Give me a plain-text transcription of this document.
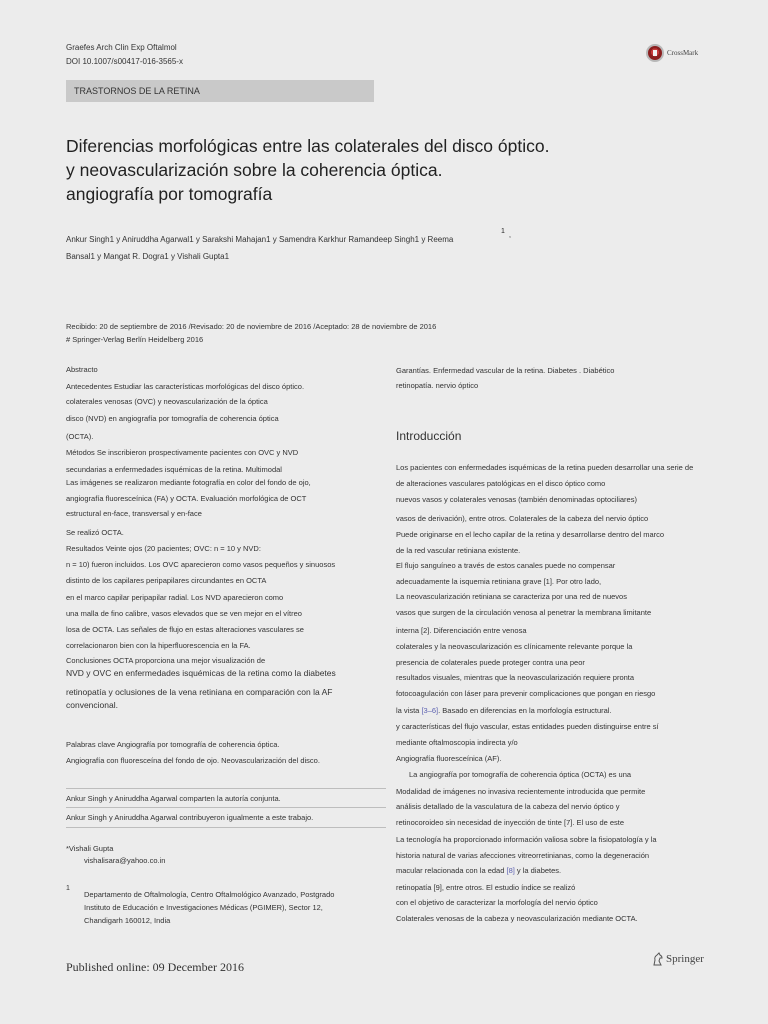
Graefes Arch Clin Exp Oftalmol
DOI 10.1007/s00417-016-3565-x
CrossMark
TRASTORNOS DE LA RETINA
Diferencias morfológicas entre las colaterales del disco óptico.
y neovascularización sobre la coherencia óptica.
angiografía por tomografía
Ankur Singh1 y Aniruddha Agarwal1 y Sarakshi Mahajan1 y Samendra Karkhur Ramandeep Singh1 y Reema
1
,
Bansal1 y Mangat R. Dogra1 y Vishali Gupta1
Recibido: 20 de septiembre de 2016 /Revisado: 20 de noviembre de 2016 /Aceptado: 28 de noviembre de 2016
# Springer-Verlag Berlín Heidelberg 2016
Abstracto
Antecedentes Estudiar las características morfológicas del disco óptico.
colaterales venosas (OVC) y neovascularización de la óptica
disco (NVD) en angiografía por tomografía de coherencia óptica
(OCTA).
Métodos Se inscribieron prospectivamente pacientes con OVC y NVD
secundarias a enfermedades isquémicas de la retina. Multimodal
Las imágenes se realizaron mediante fotografía en color del fondo de ojo,
angiografía fluoresceínica (FA) y OCTA. Evaluación morfológica de OCT
estructural en-face, transversal y en-face
Se realizó OCTA.
Resultados Veinte ojos (20 pacientes; OVC: n = 10 y NVD:
n = 10) fueron incluidos. Los OVC aparecieron como vasos pequeños y sinuosos
distinto de los capilares peripapilares circundantes en OCTA
en el marco capilar peripapilar radial. Los NVD aparecieron como
una malla de fino calibre, vasos elevados que se ven mejor en el vítreo
losa de OCTA. Las señales de flujo en estas alteraciones vasculares se
correlacionaron bien con la hiperfluorescencia en la FA.
Conclusiones OCTA proporciona una mejor visualización de
NVD y OVC en enfermedades isquémicas de la retina como la diabetes
retinopatía y oclusiones de la vena retiniana en comparación con la AF
convencional.
Palabras clave Angiografía por tomografía de coherencia óptica.
Angiografía con fluoresceína del fondo de ojo. Neovascularización del disco.
Ankur Singh y Aniruddha Agarwal comparten la autoría conjunta.
Ankur Singh y Aniruddha Agarwal contribuyeron igualmente a este trabajo.
*Vishali Gupta
vishalisara@yahoo.co.in
1
Departamento de Oftalmología, Centro Oftalmológico Avanzado, Postgrado
Instituto de Educación e Investigaciones Médicas (PGIMER), Sector 12,
Chandigarh 160012, India
Garantías. Enfermedad vascular de la retina. Diabetes . Diabético
retinopatía. nervio óptico
Introducción
Los pacientes con enfermedades isquémicas de la retina pueden desarrollar una serie de
de alteraciones vasculares patológicas en el disco óptico como
nuevos vasos y colaterales venosas (también denominadas optociliares)
vasos de derivación), entre otros. Colaterales de la cabeza del nervio óptico
Puede originarse en el lecho capilar de la retina y desarrollarse dentro del marco
de la red vascular retiniana existente.
El flujo sanguíneo a través de estos canales puede no compensar
adecuadamente la isquemia retiniana grave [1]. Por otro lado,
La neovascularización retiniana se caracteriza por una red de nuevos
vasos que surgen de la circulación venosa al penetrar la membrana limitante
interna [2]. Diferenciación entre venosa
colaterales y la neovascularización es clínicamente relevante porque la
presencia de colaterales puede proteger contra una peor
resultados visuales, mientras que la neovascularización requiere pronta
fotocoagulación con láser para prevenir complicaciones que pongan en riesgo
la vista [3–6]. Basado en diferencias en la morfología estructural.
y características del flujo vascular, estas entidades pueden distinguirse entre sí
mediante oftalmoscopia indirecta y/o
Angiografía fluoresceínica (AF).
La angiografía por tomografía de coherencia óptica (OCTA) es una
Modalidad de imágenes no invasiva recientemente introducida que permite
análisis detallado de la vasculatura de la cabeza del nervio óptico y
retinocoroideo sin necesidad de inyección de tinte [7]. El uso de este
La tecnología ha proporcionado información valiosa sobre la fisiopatología y la
historia natural de varias afecciones vitreorretinianas, como la degeneración
macular relacionada con la edad [8] y la diabetes.
retinopatía [9], entre otros. El estudio índice se realizó
con el objetivo de caracterizar la morfología del nervio óptico
Colaterales venosas de la cabeza y neovascularización mediante OCTA.
Published online: 09 December 2016
Springer
